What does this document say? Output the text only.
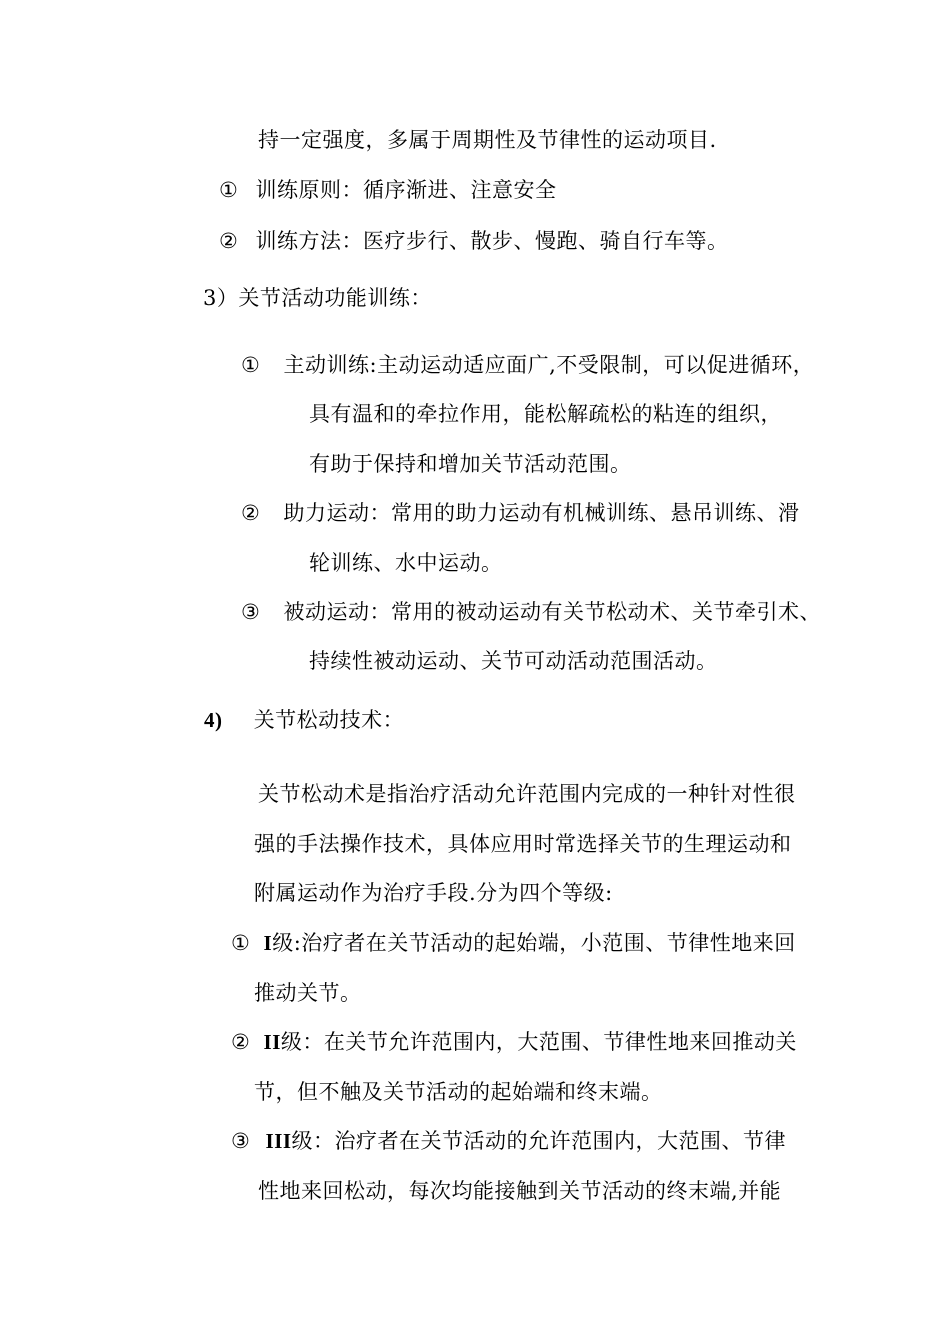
持一定强度，多属于周期性及节律性的运动项目.
① 训练原则：循序渐进、注意安全
② 训练方法：医疗步行、散步、慢跑、骑自行车等。
3）关节活动功能训练：
① 主动训练:主动运动适应面广,不受限制，可以促进循环，
具有温和的牵拉作用，能松解疏松的粘连的组织，
有助于保持和增加关节活动范围。
② 助力运动：常用的助力运动有机械训练、悬吊训练、滑
轮训练、水中运动。
③ 被动运动：常用的被动运动有关节松动术、关节牵引术、
持续性被动运动、关节可动活动范围活动。
4) 关节松动技术：
关节松动术是指治疗活动允许范围内完成的一种针对性很
强的手法操作技术，具体应用时常选择关节的生理运动和
附属运动作为治疗手段.分为四个等级:
① I级:治疗者在关节活动的起始端，小范围、节律性地来回
推动关节。
② II级：在关节允许范围内，大范围、节律性地来回推动关
节，但不触及关节活动的起始端和终末端。
③ III级：治疗者在关节活动的允许范围内，大范围、节律
性地来回松动，每次均能接触到关节活动的终末端,并能
